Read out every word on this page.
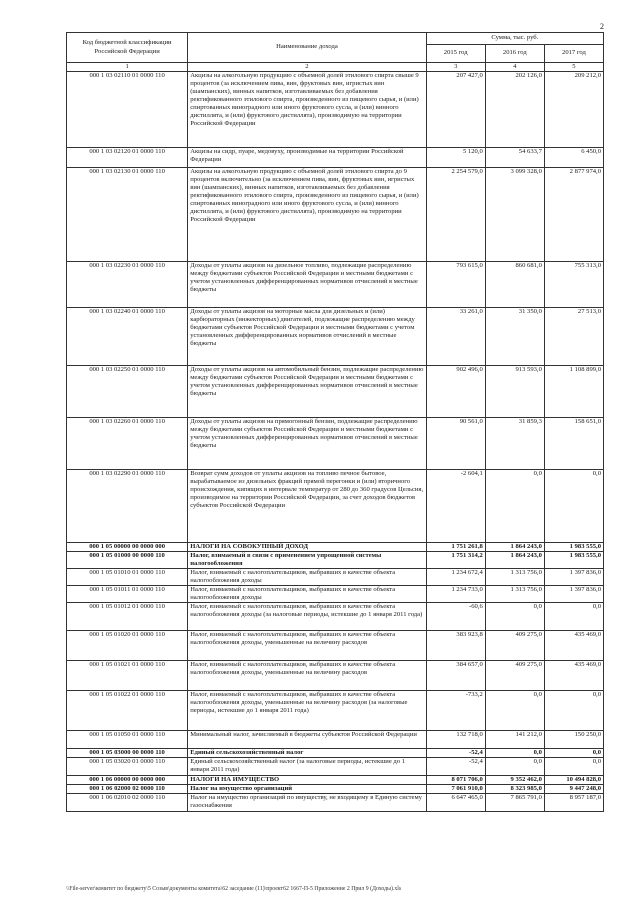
2
Код бюджетной классификации Российской Федерации	Наименование дохода	Сумма, тыс. руб.		
		2015 год	2016 год	2017 год
1	2	3	4	5
000 1 03 02110 01 0000 110	Акцизы на алкогольную продукцию с объемной долей этилового спирта свыше 9 процентов (за исключением пива, вин, фруктовых вин, игристых вин (шампанских), винных напитков, изготавливаемых без добавления ректификованного этилового спирта, произведенного из пищевого сырья, и (или) спиртованных виноградного или иного фруктового сусла, и (или) винного дистиллята, и (или) фруктового дистиллята), производимую на территории Российской Федерации	207 427,0	202 126,0	209 212,0
000 1 03 02120 01 0000 110	Акцизы на сидр, пуаре, медовуху, производимые на территории Российской Федерации	5 120,0	54 633,7	6 450,0
000 1 03 02130 01 0000 110	Акцизы на алкогольную продукцию с объемной долей этилового спирта до 9 процентов включительно (за исключением пива, вин, фруктовых вин, игристых вин (шампанских), винных напитков, изготавливаемых без добавления ректификованного этилового спирта, произведенного из пищевого сырья, и (или) спиртованных виноградного или иного фруктового сусла, и (или) винного дистиллята, и (или) фруктового дистиллята), производимую на территории Российской Федерации	2 254 579,0	3 099 328,0	2 877 974,0
000 1 03 02230 01 0000 110	Доходы от уплаты акцизов на дизельное топливо, подлежащие распределению между бюджетами субъектов Российской Федерации и местными бюджетами с учетом установленных дифференцированных нормативов отчислений в местные бюджеты	793 615,0	860 681,0	755 313,0
000 1 03 02240 01 0000 110	Доходы от уплаты акцизов на моторные масла для дизельных и (или) карбюраторных (инжекторных) двигателей, подлежащие распределению между бюджетами субъектов Российской Федерации и местными бюджетами с учетом установленных дифференцированных нормативов отчислений в местные бюджеты	33 261,0	31 350,0	27 513,0
000 1 03 02250 01 0000 110	Доходы от уплаты акцизов на автомобильный бензин, подлежащие распределению между бюджетами субъектов Российской Федерации и местными бюджетами с учетом установленных дифференцированных нормативов отчислений в местные бюджеты	902 496,0	913 593,0	1 108 899,0
000 1 03 02260 01 0000 110	Доходы от уплаты акцизов на прямогонный бензин, подлежащие распределению между бюджетами субъектов Российской Федерации и местными бюджетами с учетом установленных дифференцированных нормативов отчислений в местные бюджеты	90 561,0	31 859,3	158 651,0
000 1 03 02290 01 0000 110	Возврат сумм доходов от уплаты акцизов на топливо печное бытовое, вырабатываемое из дизельных фракций прямой перегонки и (или) вторичного происхождения, кипящих в интервале температур от 280 до 360 градусов Цельсия, производимое на территории Российской Федерации, за счет доходов бюджетов субъектов Российской Федерации	-2 604,1	0,0	0,0
000 1 05 00000 00 0000 000	НАЛОГИ НА СОВОКУПНЫЙ ДОХОД	1 751 261,8	1 864 243,0	1 983 555,0
000 1 05 01000 00 0000 110	Налог, взимаемый в связи с применением упрощенной системы налогообложения	1 751 314,2	1 864 243,0	1 983 555,0
000 1 05 01010 01 0000 110	Налог, взимаемый с налогоплательщиков, выбравших в качестве объекта налогообложения доходы	1 234 672,4	1 313 756,0	1 397 836,0
000 1 05 01011 01 0000 110	Налог, взимаемый с налогоплательщиков, выбравших в качестве объекта налогообложения доходы	1 234 733,0	1 313 756,0	1 397 836,0
000 1 05 01012 01 0000 110	Налог, взимаемый с налогоплательщиков, выбравших в качестве объекта налогообложения доходы (за налоговые периоды, истекшие до 1 января 2011 года)	-60,6	0,0	0,0
000 1 05 01020 01 0000 110	Налог, взимаемый с налогоплательщиков, выбравших в качестве объекта налогообложения доходы, уменьшенные на величину расходов	383 923,8	409 275,0	435 469,0
000 1 05 01021 01 0000 110	Налог, взимаемый с налогоплательщиков, выбравших в качестве объекта налогообложения доходы, уменьшенные на величину расходов	384 657,0	409 275,0	435 469,0
000 1 05 01022 01 0000 110	Налог, взимаемый с налогоплательщиков, выбравших в качестве объекта налогообложения доходы, уменьшенные на величину расходов (за налоговые периоды, истекшие до 1 января 2011 года)	-733,2	0,0	0,0
000 1 05 01050 01 0000 110	Минимальный налог, зачисляемый в бюджеты субъектов Российской Федерации	132 718,0	141 212,0	150 250,0
000 1 05 03000 00 0000 110	Единый сельскохозяйственный налог	-52,4	0,0	0,0
000 1 05 03020 01 0000 110	Единый сельскохозяйственный налог (за налоговые периоды, истекшие до 1 января 2011 года)	-52,4	0,0	0,0
000 1 06 00000 00 0000 000	НАЛОГИ НА ИМУЩЕСТВО	8 071 706,0	9 352 462,0	10 494 828,0
000 1 06 02000 02 0000 110	Налог на имущество организаций	7 061 910,0	8 323 985,0	9 447 248,0
000 1 06 02010 02 0000 110	Налог на имущество организаций по имуществу, не входящему в Единую систему газоснабжения	6 647 465,0	7 865 791,0	8 957 187,0
\\File-server\комитет по бюджету\5 Созыв\документы комитета\62 заседание (11)\проект62 1667-П-5 Приложение 2 Прил 9 (Доходы).xls
